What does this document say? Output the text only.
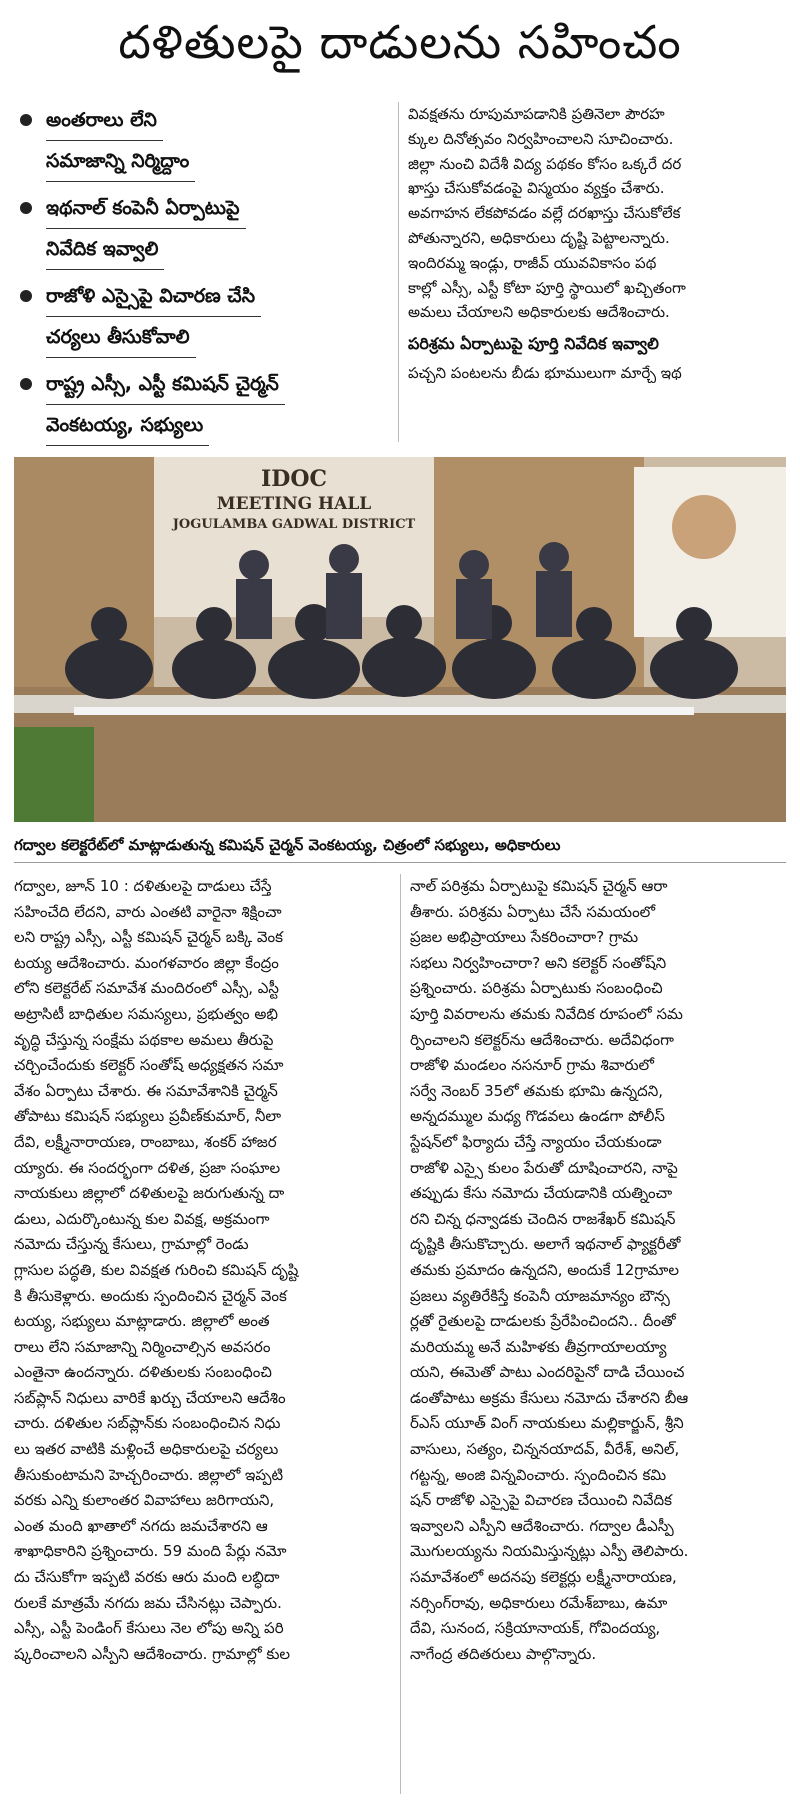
దళితులపై దాడులను సహించం
అంతరాలు లేని
సమాజాన్ని నిర్మిద్దాం
ఇథనాల్ కంపెనీ ఏర్పాటుపై
నివేదిక ఇవ్వాలి
రాజోళి ఎస్సైపై విచారణ చేసి
చర్యలు తీసుకోవాలి
రాష్ట్ర ఎస్సీ, ఎస్టీ కమిషన్ చైర్మన్
వెంకటయ్య, సభ్యులు

వివక్షతను రూపుమాపడానికి ప్రతినెలా పౌరహ

క్కుల దినోత్సవం నిర్వహించాలని సూచించారు.

జిల్లా నుంచి విదేశీ విద్య పథకం కోసం ఒక్కరే దర

ఖాస్తు చేసుకోవడంపై విస్మయం వ్యక్తం చేశారు.

అవగాహన లేకపోవడం వల్లే దరఖాస్తు చేసుకోలేక

పోతున్నారని, అధికారులు దృష్టి పెట్టాలన్నారు.

ఇందిరమ్మ ఇండ్లు, రాజీవ్ యువవికాసం పథ

కాల్లో ఎస్సీ, ఎస్టీ కోటా పూర్తి స్థాయిలో ఖచ్చితంగా

అమలు చేయాలని అధికారులకు ఆదేశించారు.

పరిశ్రమ ఏర్పాటుపై పూర్తి నివేదిక ఇవ్వాలి

పచ్చని పంటలను బీడు భూములుగా మార్చే ఇథ

IDOC
MEETING HALL
JOGULAMBA GADWAL DISTRICT
గద్వాల కలెక్టరేట్‌లో మాట్లాడుతున్న కమిషన్ చైర్మన్ వెంకటయ్య, చిత్రంలో సభ్యులు, అధికారులు

గద్వాల, జూన్ 10 : దళితులపై దాడులు చేస్తే

సహించేది లేదని, వారు ఎంతటి వారైనా శిక్షించా

లని రాష్ట్ర ఎస్సీ, ఎస్టీ కమిషన్ చైర్మన్ బక్కి వెంక

టయ్య ఆదేశించారు. మంగళవారం జిల్లా కేంద్రం

లోని కలెక్టరేట్ సమావేశ మందిరంలో ఎస్సీ, ఎస్టీ

అట్రాసిటీ బాధితుల సమస్యలు, ప్రభుత్వం అభి

వృద్ధి చేస్తున్న సంక్షేమ పథకాల అమలు తీరుపై

చర్చించేందుకు కలెక్టర్ సంతోష్ అధ్యక్షతన సమా

వేశం ఏర్పాటు చేశారు. ఈ సమావేశానికి చైర్మన్

తోపాటు కమిషన్ సభ్యులు ప్రవీణ్‌కుమార్, నీలా

దేవి, లక్ష్మీనారాయణ, రాంబాబు, శంకర్ హాజర

య్యారు. ఈ సందర్భంగా దళిత, ప్రజా సంఘాల

నాయకులు జిల్లాలో దళితులపై జరుగుతున్న దా

డులు, ఎదుర్కొంటున్న కుల వివక్ష, అక్రమంగా

నమోదు చేస్తున్న కేసులు, గ్రామాల్లో రెండు

గ్లాసుల పద్ధతి, కుల వివక్షత గురించి కమిషన్ దృష్టి

కి తీసుకెళ్లారు. అందుకు స్పందించిన చైర్మన్ వెంక

టయ్య, సభ్యులు మాట్లాడారు. జిల్లాలో అంత

రాలు లేని సమాజాన్ని నిర్మించాల్సిన అవసరం

ఎంతైనా ఉందన్నారు. దళితులకు సంబంధించి

సబ్‌ప్లాన్ నిధులు వారికే ఖర్చు చేయాలని ఆదేశిం

చారు. దళితుల సబ్‌ప్లాన్‌కు సంబంధించిన నిధు

లు ఇతర వాటికి మళ్లించే అధికారులపై చర్యలు

తీసుకుంటామని హెచ్చరించారు. జిల్లాలో ఇప్పటి

వరకు ఎన్ని కులాంతర వివాహాలు జరిగాయని,

ఎంత మంది ఖాతాలో నగదు జమచేశారని ఆ

శాఖాధికారిని ప్రశ్నించారు. 59 మంది పేర్లు నమో

దు చేసుకోగా ఇప్పటి వరకు ఆరు మంది లబ్ధిదా

రులకే మాత్రమే నగదు జమ చేసినట్లు చెప్పారు.

ఎస్సీ, ఎస్టీ పెండింగ్ కేసులు నెల లోపు అన్ని పరి

ష్కరించాలని ఎస్పీని ఆదేశించారు. గ్రామాల్లో కుల

నాల్ పరిశ్రమ ఏర్పాటుపై కమిషన్ చైర్మన్ ఆరా

తీశారు. పరిశ్రమ ఏర్పాటు చేసే సమయంలో

ప్రజల అభిప్రాయాలు సేకరించారా? గ్రామ

సభలు నిర్వహించారా? అని కలెక్టర్ సంతోష్‌ని

ప్రశ్నించారు. పరిశ్రమ ఏర్పాటుకు సంబంధించి

పూర్తి వివరాలను తమకు నివేదిక రూపంలో సమ

ర్పించాలని కలెక్టర్‌ను ఆదేశించారు. అదేవిధంగా

రాజోళి మండలం నసనూర్ గ్రామ శివారులో

సర్వే నెంబర్ 35లో తమకు భూమి ఉన్నదని,

అన్నదమ్ముల మధ్య గొడవలు ఉండగా పోలీస్

స్టేషన్‌లో ఫిర్యాదు చేస్తే న్యాయం చేయకుండా

రాజోళి ఎస్సై కులం పేరుతో దూషించారని, నాపై

తప్పుడు కేసు నమోదు చేయడానికి యత్నించా

రని చిన్న ధన్వాడకు చెందిన రాజశేఖర్ కమిషన్

దృష్టికి తీసుకొచ్చారు. అలాగే ఇథనాల్ ఫ్యాక్టరీతో

తమకు ప్రమాదం ఉన్నదని, అందుకే 12గ్రామాల

ప్రజలు వ్యతిరేకిస్తే కంపెనీ యాజమాన్యం బౌన్స

ర్లతో రైతులపై దాడులకు ప్రేరేపించిందని.. దీంతో

మరియమ్మ అనే మహిళకు తీవ్రగాయాలయ్యా

యని, ఈమెతో పాటు ఎందరిపైనో దాడి చేయించ

డంతోపాటు అక్రమ కేసులు నమోదు చేశారని బీఆ

ర్‌ఎస్ యూత్ వింగ్ నాయకులు మల్లికార్జున్, శ్రీని

వాసులు, సత్యం, చిన్ననయాదవ్, వీరేశ్, అనిల్,

గట్టన్న, అంజి విన్నవించారు. స్పందించిన కమి

షన్ రాజోళి ఎస్సైపై విచారణ చేయించి నివేదిక

ఇవ్వాలని ఎస్పీని ఆదేశించారు. గద్వాల డీఎస్పీ

మొగులయ్యను నియమిస్తున్నట్లు ఎస్పీ తెలిపారు.

సమావేశంలో అదనపు కలెక్టర్లు లక్ష్మీనారాయణ,

నర్సింగ్‌రావు, అధికారులు రమేశ్‌బాబు, ఉమా

దేవి, సునంద, సక్రియానాయక్, గోవిందయ్య,

నాగేంద్ర తదితరులు పాల్గొన్నారు.
